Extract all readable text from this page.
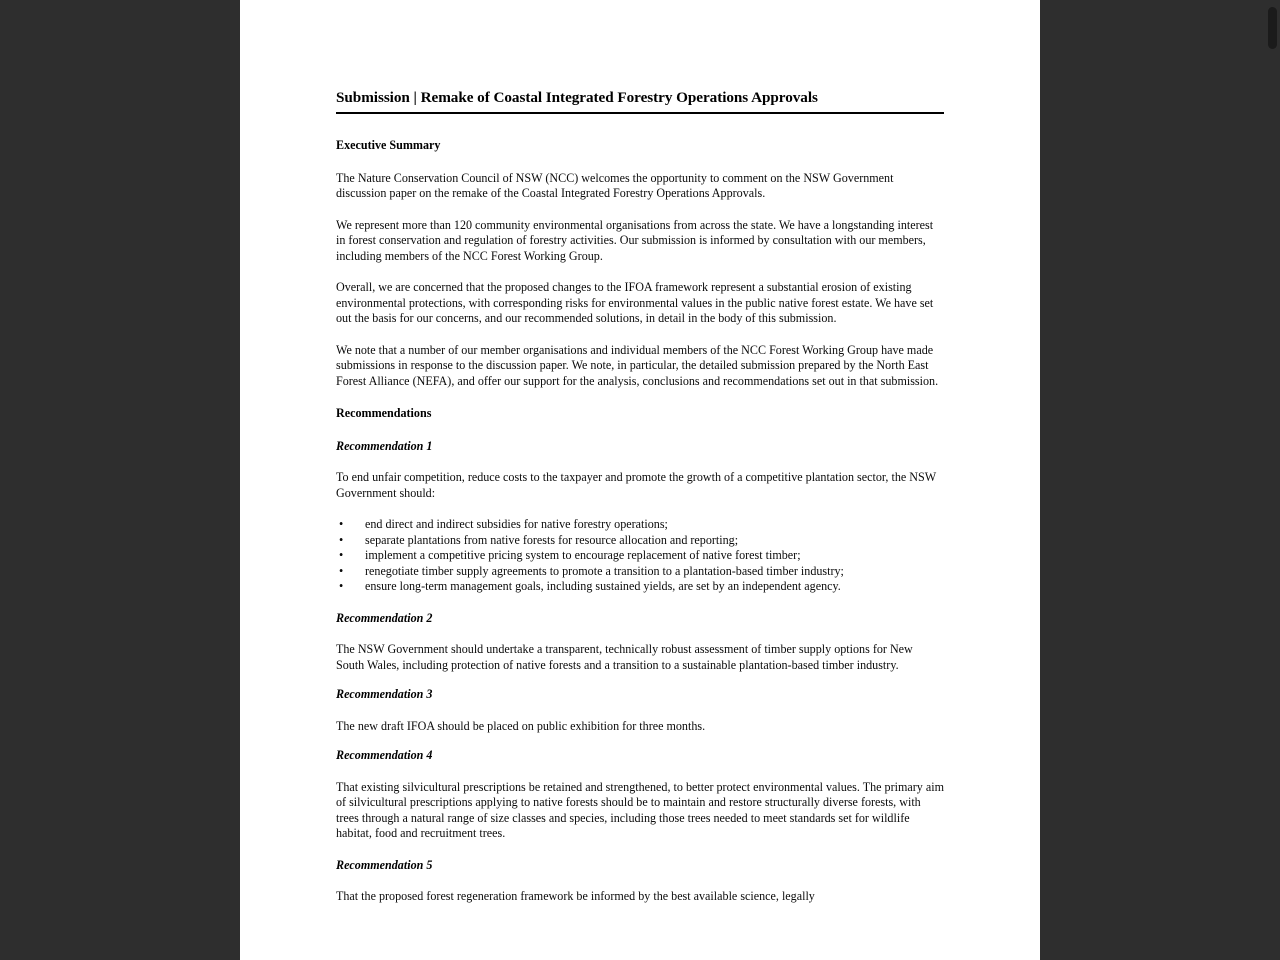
Submission | Remake of Coastal Integrated Forestry Operations Approvals
Executive Summary

The Nature Conservation Council of NSW (NCC) welcomes the opportunity to comment on the NSW Government discussion paper on the remake of the Coastal Integrated Forestry Operations Approvals.

We represent more than 120 community environmental organisations from across the state. We have a longstanding interest in forest conservation and regulation of forestry activities. Our submission is informed by consultation with our members, including members of the NCC Forest Working Group.

Overall, we are concerned that the proposed changes to the IFOA framework represent a substantial erosion of existing environmental protections, with corresponding risks for environmental values in the public native forest estate. We have set out the basis for our concerns, and our recommended solutions, in detail in the body of this submission.

We note that a number of our member organisations and individual members of the NCC Forest Working Group have made submissions in response to the discussion paper. We note, in particular, the detailed submission prepared by the North East Forest Alliance (NEFA), and offer our support for the analysis, conclusions and recommendations set out in that submission.

Recommendations
Recommendation 1

To end unfair competition, reduce costs to the taxpayer and promote the growth of a competitive plantation sector, the NSW Government should:

• end direct and indirect subsidies for native forestry operations;
• separate plantations from native forests for resource allocation and reporting;
• implement a competitive pricing system to encourage replacement of native forest timber;
• renegotiate timber supply agreements to promote a transition to a plantation-based timber industry;
• ensure long-term management goals, including sustained yields, are set by an independent agency.
Recommendation 2

The NSW Government should undertake a transparent, technically robust assessment of timber supply options for New South Wales, including protection of native forests and a transition to a sustainable plantation-based timber industry.

Recommendation 3

The new draft IFOA should be placed on public exhibition for three months.

Recommendation 4

That existing silvicultural prescriptions be retained and strengthened, to better protect environmental values. The primary aim of silvicultural prescriptions applying to native forests should be to maintain and restore structurally diverse forests, with trees through a natural range of size classes and species, including those trees needed to meet standards set for wildlife habitat, food and recruitment trees.

Recommendation 5

That the proposed forest regeneration framework be informed by the best available science, legally
